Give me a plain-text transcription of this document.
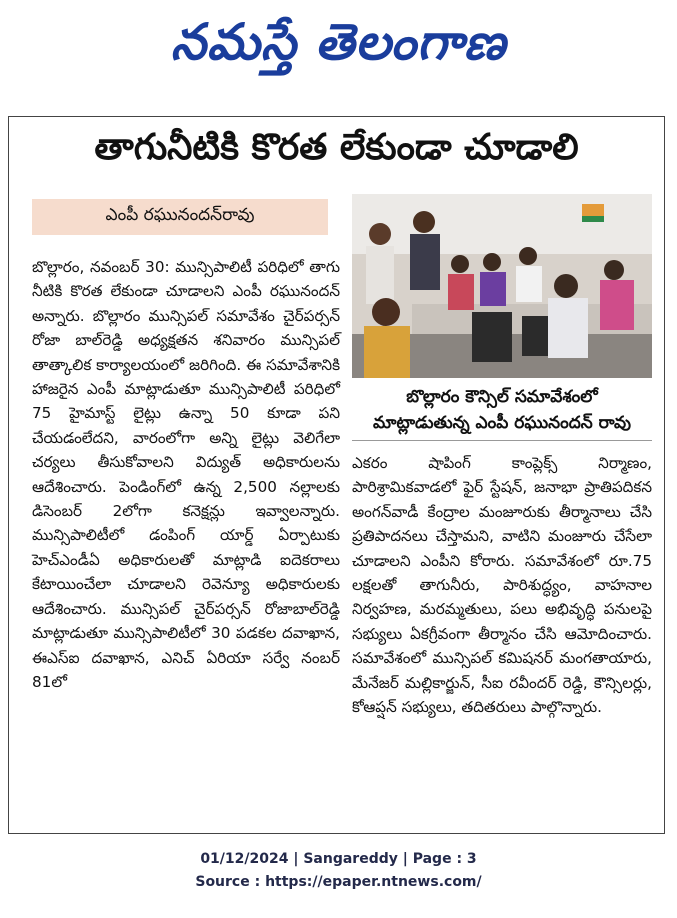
నమస్తే తెలంగాణ
తాగునీటికి కొరత లేకుండా చూడాలి
ఎంపీ రఘునందన్‌రావు

బొల్లారం, నవంబర్ 30: మున్సిపాలిటీ పరిధిలో తాగు నీటికి కొరత లేకుండా చూడాలని ఎంపీ రఘునందన్ అన్నారు. బొల్లారం మున్సిపల్ సమావేశం చైర్‌పర్సన్ రోజా బాల్‌రెడ్డి అధ్యక్షతన శనివారం మున్సిపల్ తాత్కాలిక కార్యాలయంలో జరిగింది. ఈ సమావేశానికి హాజరైన ఎంపీ మాట్లాడుతూ మున్సిపాలిటీ పరిధిలో 75 హైమాస్ట్ లైట్లు ఉన్నా 50 కూడా పని చేయడంలేదని, వారంలోగా అన్ని లైట్లు వెలిగేలా చర్యలు తీసుకోవాలని విద్యుత్ అధికారులను ఆదేశించారు. పెండింగ్‌లో ఉన్న 2,500 నల్లాలకు డిసెంబర్ 2లోగా కనెక్షన్లు ఇవ్వాలన్నారు. మున్సిపాలిటీలో డంపింగ్ యార్డ్ ఏర్పాటుకు హెచ్‌ఎండీఏ అధికారులతో మాట్లాడి ఐదెకరాలు కేటాయించేలా చూడాలని రెవెన్యూ అధికారులకు ఆదేశించారు. మున్సిపల్ చైర్‌పర్సన్ రోజాబాల్‌రెడ్డి మాట్లాడుతూ మున్సిపాలిటీలో 30 పడకల దవాఖాన, ఈఎస్ఐ దవాఖాన, ఎనిచ్ ఏరియా సర్వే నంబర్ 81లో

బొల్లారం కౌన్సిల్ సమావేశంలో
మాట్లాడుతున్న ఎంపీ రఘునందన్ రావు

ఎకరం షాపింగ్ కాంప్లెక్స్ నిర్మాణం, పారిశ్రామికవాడలో ఫైర్ స్టేషన్, జనాభా ప్రాతిపదికన అంగన్‌వాడీ కేంద్రాల మంజూరుకు తీర్మానాలు చేసి ప్రతిపాదనలు చేస్తామని, వాటిని మంజూరు చేసేలా చూడాలని ఎంపీని కోరారు. సమావేశంలో రూ.75 లక్షలతో తాగునీరు, పారిశుద్ధ్యం, వాహనాల నిర్వహణ, మరమ్మతులు, పలు అభివృద్ధి పనులపై సభ్యులు ఏకగ్రీవంగా తీర్మానం చేసి ఆమోదించారు. సమావేశంలో మున్సిపల్ కమిషనర్ మంగతాయారు, మేనేజర్ మల్లికార్జున్, సీఐ రవీందర్ రెడ్డి, కౌన్సిలర్లు, కోఆప్షన్ సభ్యులు, తదితరులు పాల్గొన్నారు.

01/12/2024 | Sangareddy | Page : 3
Source : https://epaper.ntnews.com/
